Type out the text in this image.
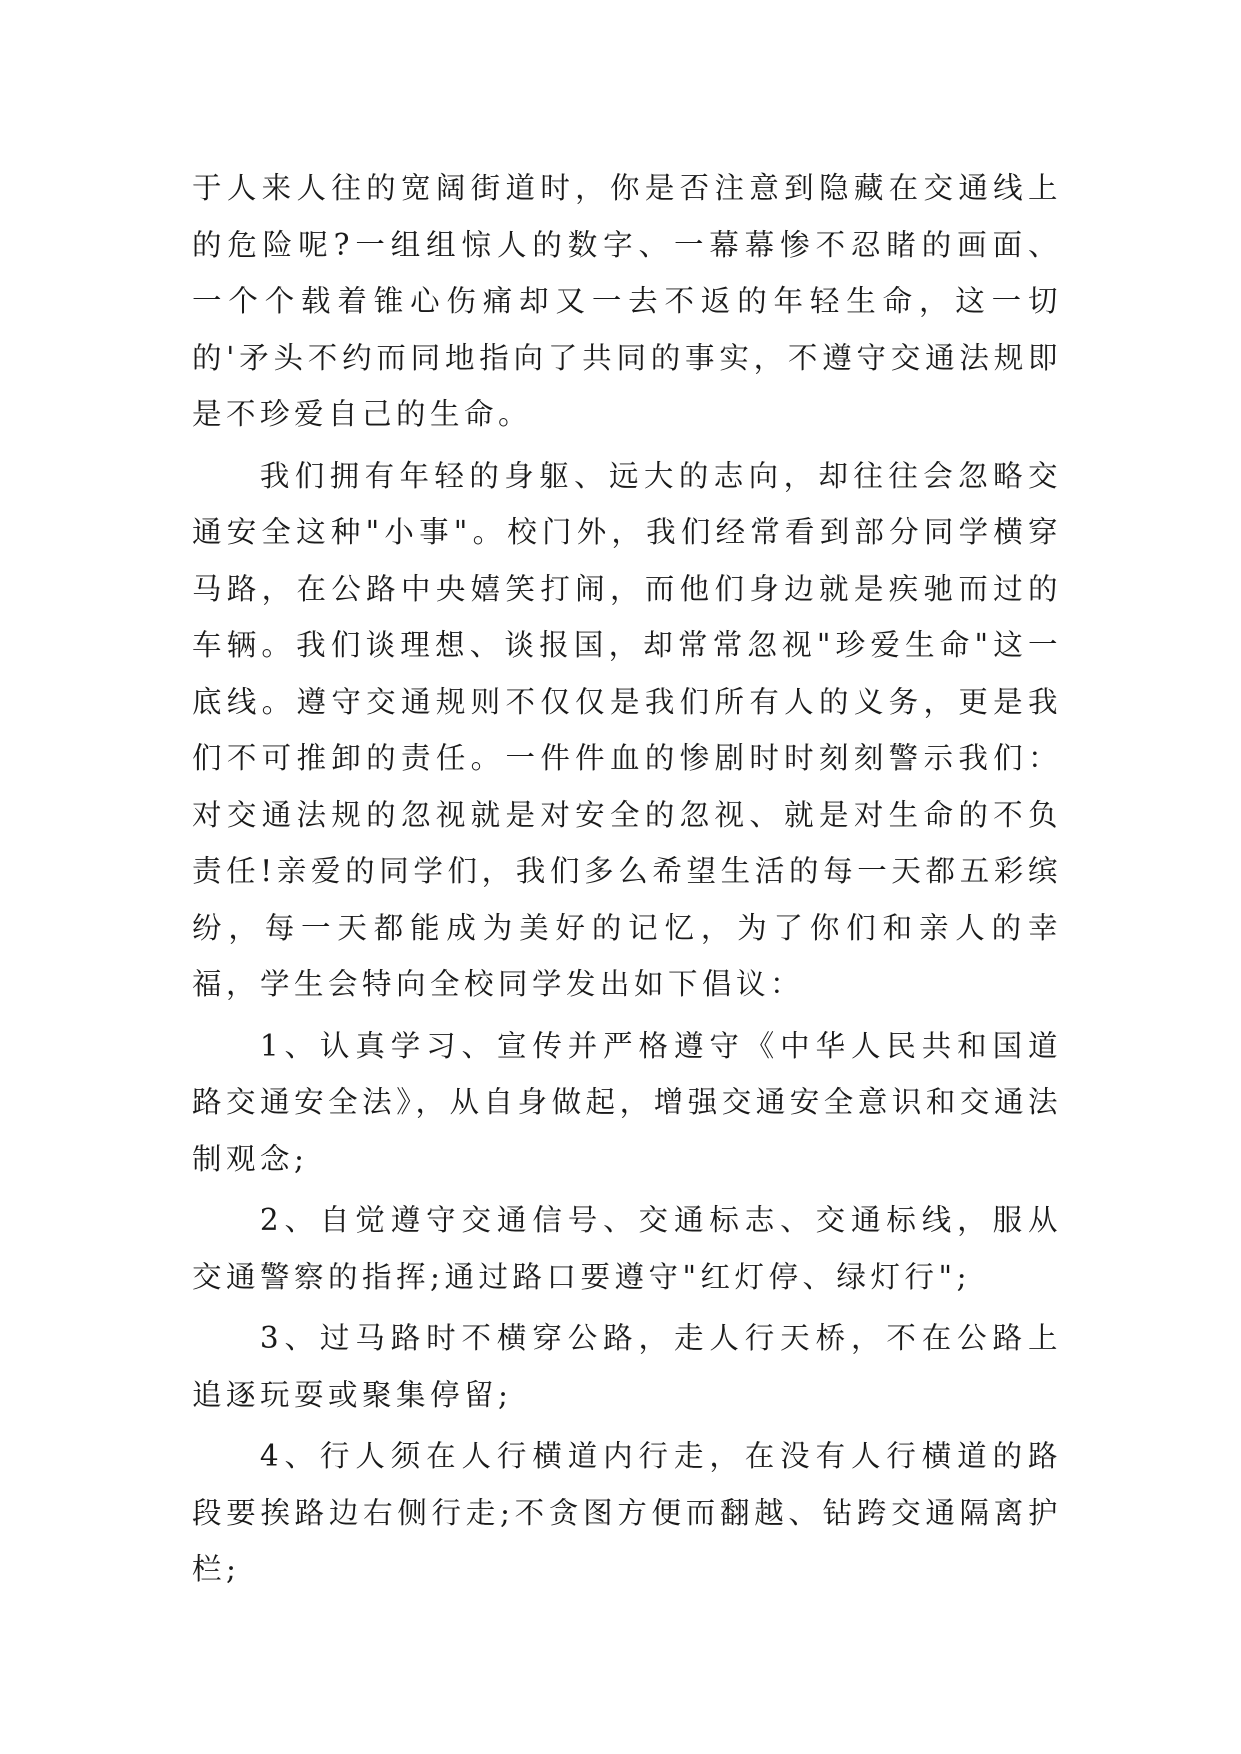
于人来人往的宽阔街道时，你是否注意到隐藏在交通线上的危险呢?一组组惊人的数字、一幕幕惨不忍睹的画面、一个个载着锥心伤痛却又一去不返的年轻生命，这一切的'矛头不约而同地指向了共同的事实，不遵守交通法规即是不珍爱自己的生命。

我们拥有年轻的身躯、远大的志向，却往往会忽略交通安全这种"小事"。校门外，我们经常看到部分同学横穿马路，在公路中央嬉笑打闹，而他们身边就是疾驰而过的车辆。我们谈理想、谈报国，却常常忽视"珍爱生命"这一底线。遵守交通规则不仅仅是我们所有人的义务，更是我们不可推卸的责任。一件件血的惨剧时时刻刻警示我们：对交通法规的忽视就是对安全的忽视、就是对生命的不负责任!亲爱的同学们，我们多么希望生活的每一天都五彩缤纷，每一天都能成为美好的记忆，为了你们和亲人的幸福，学生会特向全校同学发出如下倡议：

1、认真学习、宣传并严格遵守《中华人民共和国道路交通安全法》，从自身做起，增强交通安全意识和交通法制观念;

2、自觉遵守交通信号、交通标志、交通标线，服从交通警察的指挥;通过路口要遵守"红灯停、绿灯行";

3、过马路时不横穿公路，走人行天桥，不在公路上追逐玩耍或聚集停留;

4、行人须在人行横道内行走，在没有人行横道的路段要挨路边右侧行走;不贪图方便而翻越、钻跨交通隔离护栏;
